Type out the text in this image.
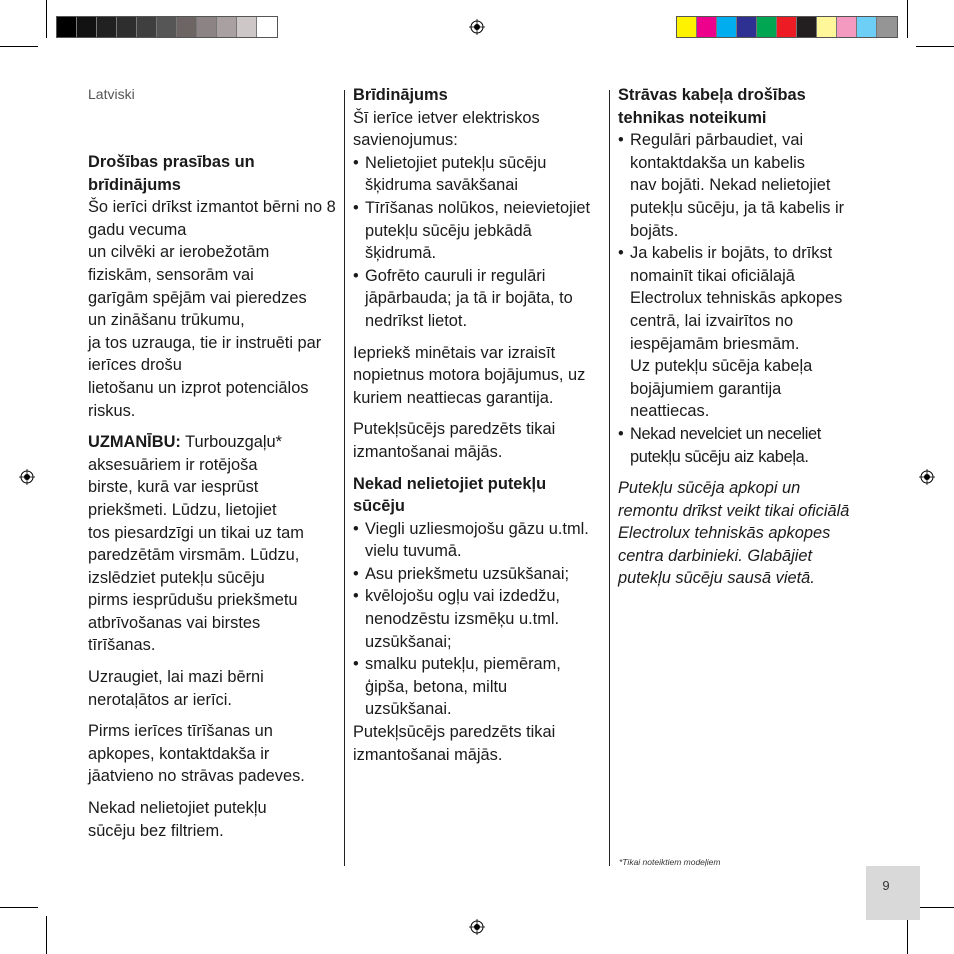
Latviski

Drošības prasības un brīdinājums

Šo ierīci drīkst izmantot bērni no 8 gadu vecuma
un cilvēki ar ierobežotām
fiziskām, sensorām vai
garīgām spējām vai pieredzes
un zināšanu trūkumu,
ja tos uzrauga, tie ir instruēti par ierīces drošu
lietošanu un izprot potenciālos riskus.

UZMANĪBU: Turbouzgaļu* aksesuāriem ir rotējoša
birste, kurā var iesprūst
priekšmeti. Lūdzu, lietojiet
tos piesardzīgi un tikai uz tam
paredzētām virsmām. Lūdzu,
izslēdziet putekļu sūcēju
pirms iesprūdušu priekšmetu
atbrīvošanas vai birstes
tīrīšanas.

Uzraugiet, lai mazi bērni nerotaļātos ar ierīci.

Pirms ierīces tīrīšanas un apkopes, kontaktdakša ir jāatvieno no strāvas padeves.

Nekad nelietojiet putekļu sūcēju bez filtriem.

Brīdinājums

Šī ierīce ietver elektriskos savienojumus:

• Nelietojiet putekļu sūcēju šķidruma savākšanai
• Tīrīšanas nolūkos, neievietojiet putekļu sūcēju jebkādā šķidrumā.
• Gofrēto cauruli ir regulāri jāpārbauda; ja tā ir bojāta, to nedrīkst lietot.

Iepriekš minētais var izraisīt nopietnus motora bojājumus, uz kuriem neattiecas garantija.

Putekļsūcējs paredzēts tikai izmantošanai mājās.

Nekad nelietojiet putekļu sūcēju

• Viegli uzliesmojošu gāzu u.tml. vielu tuvumā.
• Asu priekšmetu uzsūkšanai;
• kvēlojošu ogļu vai izdedžu, nenodzēstu izsmēķu u.tml. uzsūkšanai;
• smalku putekļu, piemēram, ģipša, betona, miltu uzsūkšanai.

Putekļsūcējs paredzēts tikai izmantošanai mājās.

Strāvas kabeļa drošības tehnikas noteikumi

• Regulāri pārbaudiet, vai
kontaktdakša un kabelis
nav bojāti. Nekad nelietojiet
putekļu sūcēju, ja tā kabelis ir
bojāts.
• Ja kabelis ir bojāts, to drīkst
nomainīt tikai oficiālajā
Electrolux tehniskās apkopes
centrā, lai izvairītos no
iespējamām briesmām.
Uz putekļu sūcēja kabeļa
bojājumiem garantija
neattiecas.
• Nekad nevelciet un neceliet
putekļu sūcēju aiz kabeļa.

Putekļu sūcēja apkopi un
remontu drīkst veikt tikai oficiālā
Electrolux tehniskās apkopes
centra darbinieki. Glabājiet
putekļu sūcēju sausā vietā.

*Tikai noteiktiem modeļiem
9
